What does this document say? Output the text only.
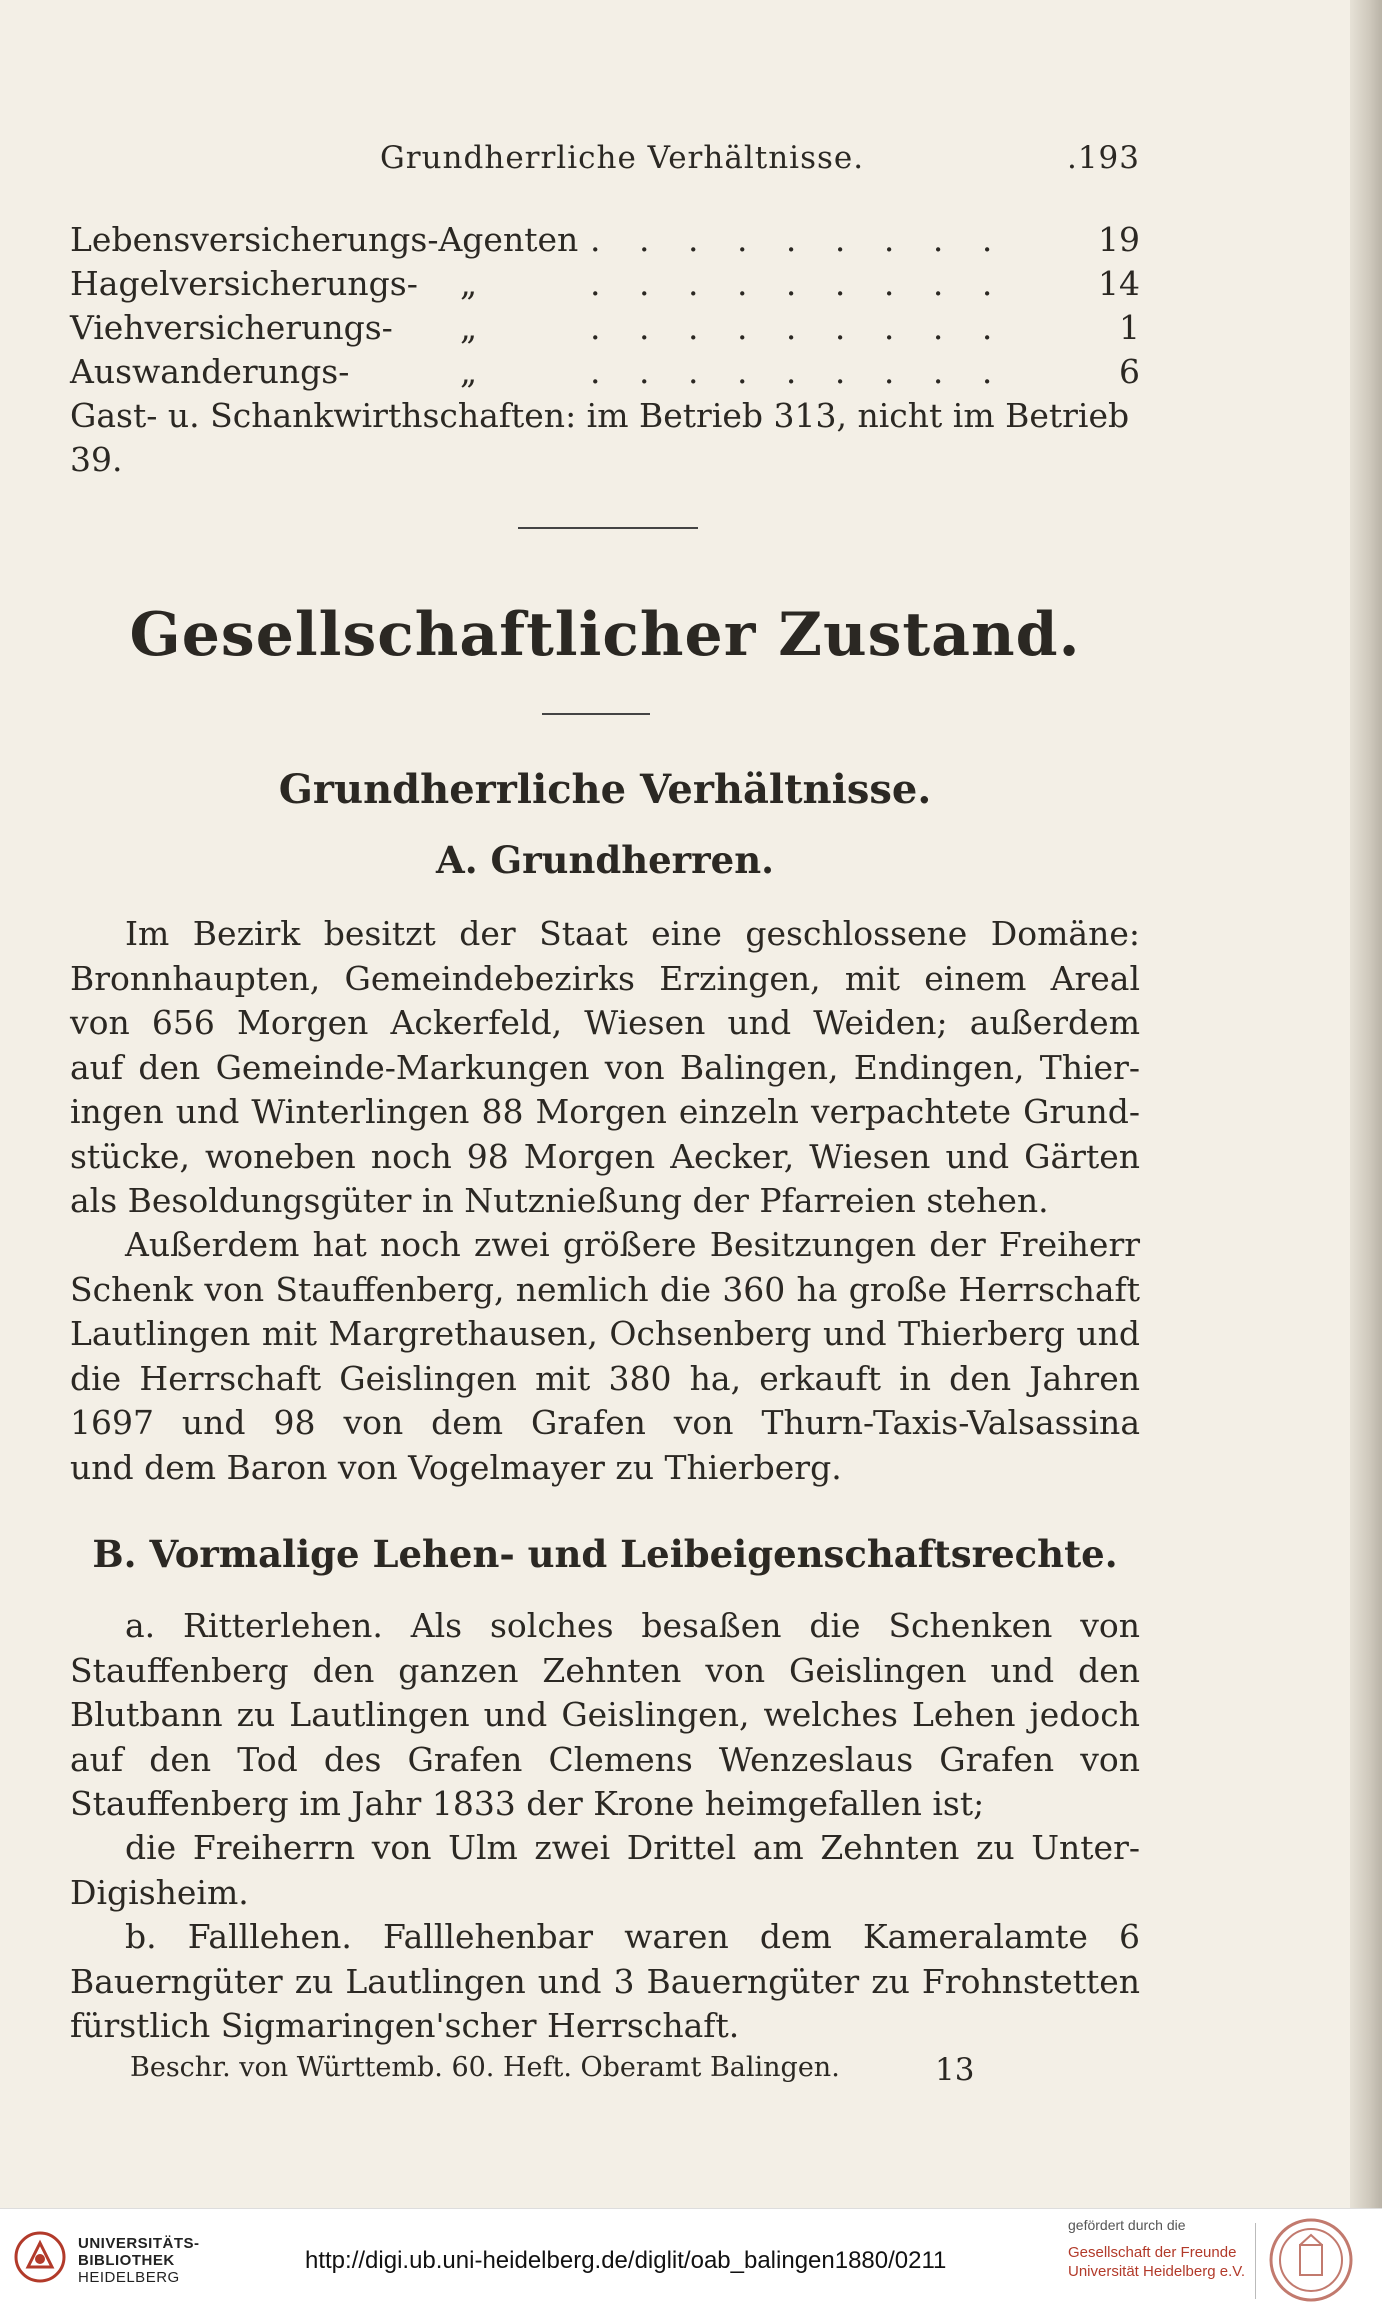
Grundherrliche Verhältnisse.	.193
Lebensversicherungs-Agenten . . . . . . . . .	19
Hagelversicherungs- „	. . . . . . . . .	14
Viehversicherungs- „	. . . . . . . . .	1
Auswanderungs-	„	. . . . . . . . .	6
Gast- u. Schankwirthschaften: im Betrieb 313, nicht im Betrieb 39.
Gesellschaftlicher Zustand.
Grundherrliche Verhältnisse.
A. Grundherren.
Im Bezirk besitzt der Staat eine geschlossene Domäne:
Bronnhaupten, Gemeindebezirks Erzingen, mit einem Areal
von 656 Morgen Ackerfeld, Wiesen und Weiden; außerdem
auf den Gemeinde-Markungen von Balingen, Endingen, Thier-
ingen und Winterlingen 88 Morgen einzeln verpachtete Grund-
stücke, woneben noch 98 Morgen Aecker, Wiesen und Gärten
als Besoldungsgüter in Nutznießung der Pfarreien stehen.
Außerdem hat noch zwei größere Besitzungen der Freiherr
Schenk von Stauffenberg, nemlich die 360 ha große Herrschaft
Lautlingen mit Margrethausen, Ochsenberg und Thierberg und
die Herrschaft Geislingen mit 380 ha, erkauft in den Jahren
1697 und 98 von dem Grafen von Thurn-Taxis-Valsassina
und dem Baron von Vogelmayer zu Thierberg.
B. Vormalige Lehen- und Leibeigenschaftsrechte.
a. Ritterlehen. Als solches besaßen die Schenken von
Stauffenberg den ganzen Zehnten von Geislingen und den
Blutbann zu Lautlingen und Geislingen, welches Lehen jedoch
auf den Tod des Grafen Clemens Wenzeslaus Grafen von
Stauffenberg im Jahr 1833 der Krone heimgefallen ist;
die Freiherrn von Ulm zwei Drittel am Zehnten zu Unter-
Digisheim.
b. Falllehen. Falllehenbar waren dem Kameralamte 6
Bauerngüter zu Lautlingen und 3 Bauerngüter zu Frohnstetten
fürstlich Sigmaringen'scher Herrschaft.
Beschr. von Württemb. 60. Heft. Oberamt Balingen.	13
UNIVERSITÄTS-
BIBLIOTHEK
HEIDELBERG
http://digi.ub.uni-heidelberg.de/diglit/oab_balingen1880/0211
gefördert durch die
Gesellschaft der Freunde
Universität Heidelberg e.V.
